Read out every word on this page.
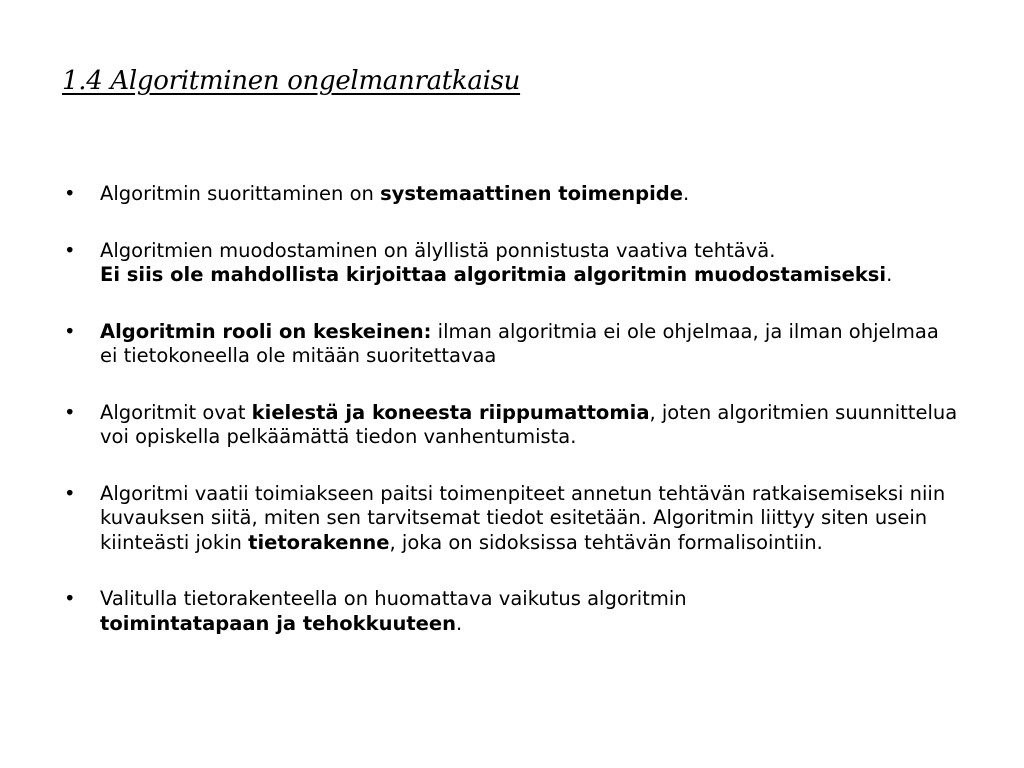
1.4 Algoritminen ongelmanratkaisu
• Algoritmin suorittaminen on systemaattinen toimenpide.
• Algoritmien muodostaminen on älyllistä ponnistusta vaativa tehtävä.
Ei siis ole mahdollista kirjoittaa algoritmia algoritmin muodostamiseksi.
• Algoritmin rooli on keskeinen: ilman algoritmia ei ole ohjelmaa, ja ilman ohjelmaa ei tietokoneella ole mitään suoritettavaa
• Algoritmit ovat kielestä ja koneesta riippumattomia, joten algoritmien suunnittelua voi opiskella pelkäämättä tiedon vanhentumista.
• Algoritmi vaatii toimiakseen paitsi toimenpiteet annetun tehtävän ratkaisemiseksi niin kuvauksen siitä, miten sen tarvitsemat tiedot esitetään. Algoritmin liittyy siten usein kiinteästi jokin tietorakenne, joka on sidoksissa tehtävän formalisointiin.
• Valitulla tietorakenteella on huomattava vaikutus algoritmin
toimintatapaan ja tehokkuuteen.
